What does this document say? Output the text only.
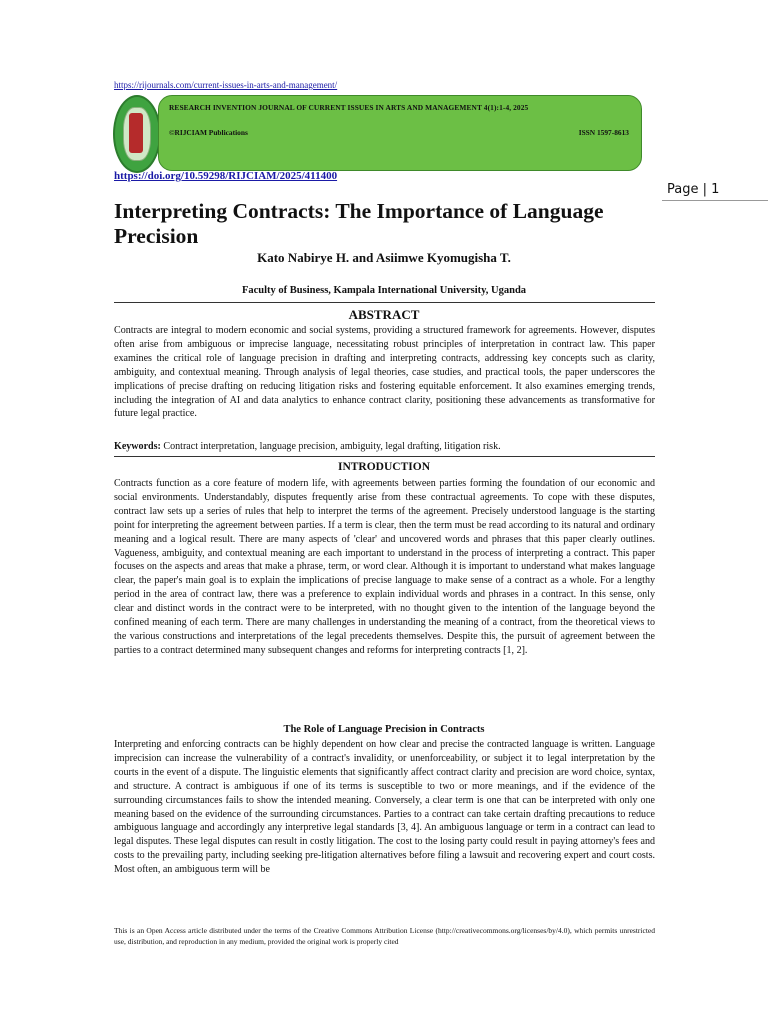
https://rijournals.com/current-issues-in-arts-and-management/
RESEARCH INVENTION JOURNAL OF CURRENT ISSUES IN ARTS AND MANAGEMENT 4(1):1-4, 2025
©RIJCIAM Publications	ISSN 1597-8613
https://doi.org/10.59298/RIJCIAM/2025/411400
Page | 1
Interpreting Contracts: The Importance of Language Precision
Kato Nabirye H. and Asiimwe Kyomugisha T.
Faculty of Business, Kampala International University, Uganda
ABSTRACT

Contracts are integral to modern economic and social systems, providing a structured framework for agreements. However, disputes often arise from ambiguous or imprecise language, necessitating robust principles of interpretation in contract law. This paper examines the critical role of language precision in drafting and interpreting contracts, addressing key concepts such as clarity, ambiguity, and contextual meaning. Through analysis of legal theories, case studies, and practical tools, the paper underscores the implications of precise drafting on reducing litigation risks and fostering equitable enforcement. It also examines emerging trends, including the integration of AI and data analytics to enhance contract clarity, positioning these advancements as transformative for future legal practice.

Keywords: Contract interpretation, language precision, ambiguity, legal drafting, litigation risk.
INTRODUCTION

Contracts function as a core feature of modern life, with agreements between parties forming the foundation of our economic and social environments. Understandably, disputes frequently arise from these contractual agreements. To cope with these disputes, contract law sets up a series of rules that help to interpret the terms of the agreement. Precisely understood language is the starting point for interpreting the agreement between parties. If a term is clear, then the term must be read according to its natural and ordinary meaning and a logical result. There are many aspects of 'clear' and uncovered words and phrases that this paper clearly outlines. Vagueness, ambiguity, and contextual meaning are each important to understand in the process of interpreting a contract. This paper focuses on the aspects and areas that make a phrase, term, or word clear. Although it is important to understand what makes language clear, the paper's main goal is to explain the implications of precise language to make sense of a contract as a whole. For a lengthy period in the area of contract law, there was a preference to explain individual words and phrases in a contract. In this sense, only clear and distinct words in the contract were to be interpreted, with no thought given to the intention of the language beyond the confined meaning of each term. There are many challenges in understanding the meaning of a contract, from the theoretical views to the various constructions and interpretations of the legal precedents themselves. Despite this, the pursuit of agreement between the parties to a contract determined many subsequent changes and reforms for interpreting contracts [1, 2].

The Role of Language Precision in Contracts

Interpreting and enforcing contracts can be highly dependent on how clear and precise the contracted language is written. Language imprecision can increase the vulnerability of a contract's invalidity, or unenforceability, or subject it to legal interpretation by the courts in the event of a dispute. The linguistic elements that significantly affect contract clarity and precision are word choice, syntax, and structure. A contract is ambiguous if one of its terms is susceptible to two or more meanings, and if the evidence of the surrounding circumstances fails to show the intended meaning. Conversely, a clear term is one that can be interpreted with only one meaning based on the evidence of the surrounding circumstances. Parties to a contract can take certain drafting precautions to reduce ambiguous language and accordingly any interpretive legal standards [3, 4]. An ambiguous language or term in a contract can lead to legal disputes. These legal disputes can result in costly litigation. The cost to the losing party could result in paying attorney's fees and costs to the prevailing party, including seeking pre-litigation alternatives before filing a lawsuit and recovering expert and court costs. Most often, an ambiguous term will be

This is an Open Access article distributed under the terms of the Creative Commons Attribution License (http://creativecommons.org/licenses/by/4.0), which permits unrestricted use, distribution, and reproduction in any medium, provided the original work is properly cited
